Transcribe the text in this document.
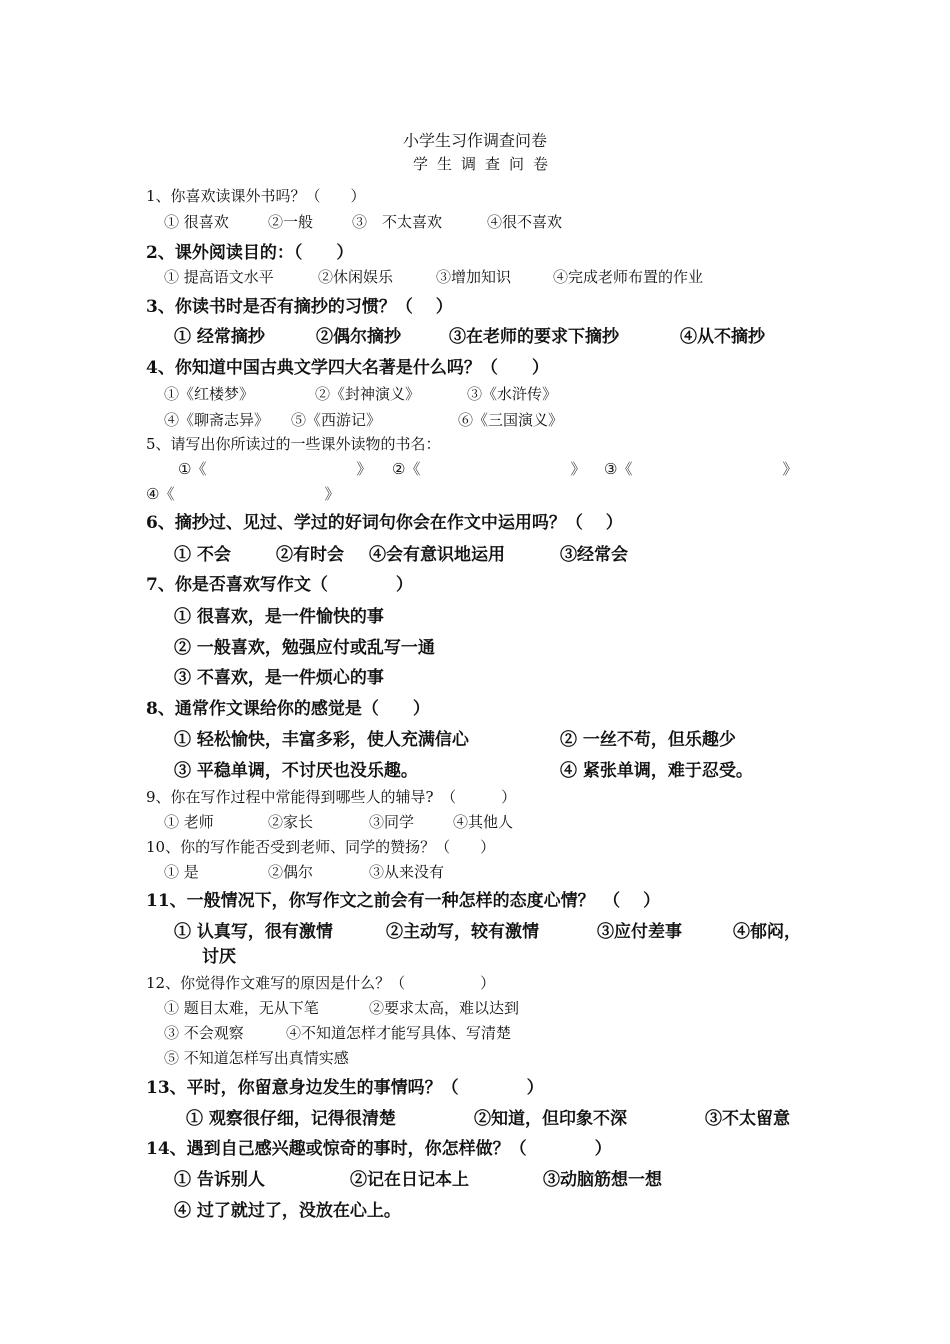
小学生习作调查问卷
学生调查问卷
1、你喜欢读课外书吗？（　　）
① 很喜欢	②一般	③　不太喜欢	④很不喜欢
2、课外阅读目的：（　　）
① 提高语文水平	②休闲娱乐	③增加知识	④完成老师布置的作业
3、你读书时是否有摘抄的习惯？（　 ）
① 经常摘抄	②偶尔摘抄	③在老师的要求下摘抄	④从不摘抄
4、你知道中国古典文学四大名著是什么吗？（　　）
①《红楼梦》	②《封神演义》	③《水浒传》
④《聊斋志异》 ⑤《西游记》	⑥《三国演义》
5、请写出你所读过的一些课外读物的书名：
6、摘抄过、见过、学过的好词句你会在作文中运用吗？（　 ）
① 不会	②有时会 ④会有意识地运用	③经常会
7、你是否喜欢写作文（　　　　）
① 很喜欢，是一件愉快的事
② 一般喜欢，勉强应付或乱写一通
③ 不喜欢，是一件烦心的事
8、通常作文课给你的感觉是（　　）
① 轻松愉快，丰富多彩，使人充满信心	② 一丝不苟，但乐趣少
③ 平稳单调，不讨厌也没乐趣。	④ 紧张单调，难于忍受。
9、你在写作过程中常能得到哪些人的辅导?　（　　　）
① 老师	②家长	③同学	④其他人
10、你的写作能否受到老师、同学的赞扬？（　　）
① 是	②偶尔	③从来没有
11、一般情况下，你写作文之前会有一种怎样的态度心情？　（　 ）
① 认真写，很有激情	②主动写，较有激情	③应付差事	④郁闷，
12、你觉得作文难写的原因是什么？（　　　　　）
① 题目太难，无从下笔	②要求太高，难以达到
③ 不会观察	④不知道怎样才能写具体、写清楚
⑤ 不知道怎样写出真情实感
13、平时，你留意身边发生的事情吗？（　　　　）
① 观察很仔细，记得很清楚	②知道，但印象不深	③不太留意
14、遇到自己感兴趣或惊奇的事时，你怎样做？（　　　　）
① 告诉别人	②记在日记本上	③动脑筋想一想
④ 过了就过了，没放在心上。
①《　　　　　　　　　　》 ②《　　　　　　　　　　》 ③《　　　　　　　　　　》
④《　　　　　　　　　　》
讨厌
